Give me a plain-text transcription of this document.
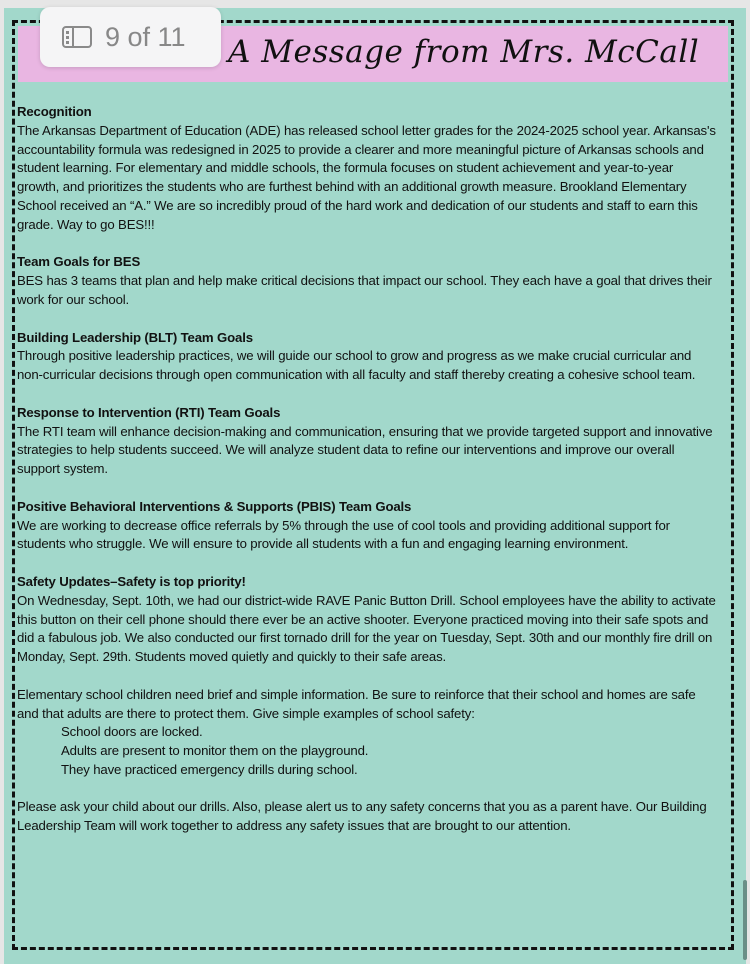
A Message from Mrs. McCall
Recognition
The Arkansas Department of Education (ADE) has released school letter grades for the 2024-2025 school year. Arkansas's accountability formula was redesigned in 2025 to provide a clearer and more meaningful picture of Arkansas schools and student learning. For elementary and middle schools, the formula focuses on student achievement and year-to-year growth, and prioritizes the students who are furthest behind with an additional growth measure. Brookland Elementary School received an “A.” We are so incredibly proud of the hard work and dedication of our students and staff to earn this grade. Way to go BES!!!
Team Goals for BES
BES has 3 teams that plan and help make critical decisions that impact our school. They each have a goal that drives their work for our school.
Building Leadership (BLT) Team Goals
Through positive leadership practices, we will guide our school to grow and progress as we make crucial curricular and non-curricular decisions through open communication with all faculty and staff thereby creating a cohesive school team.
Response to Intervention (RTI) Team Goals
The RTI team will enhance decision-making and communication, ensuring that we provide targeted support and innovative strategies to help students succeed. We will analyze student data to refine our interventions and improve our overall support system.
Positive Behavioral Interventions & Supports (PBIS) Team Goals
We are working to decrease office referrals by 5% through the use of cool tools and providing additional support for students who struggle. We will ensure to provide all students with a fun and engaging learning environment.
Safety Updates–Safety is top priority!
On Wednesday, Sept. 10th, we had our district-wide RAVE Panic Button Drill. School employees have the ability to activate this button on their cell phone should there ever be an active shooter. Everyone practiced moving into their safe spots and did a fabulous job. We also conducted our first tornado drill for the year on Tuesday, Sept. 30th and our monthly fire drill on Monday, Sept. 29th. Students moved quietly and quickly to their safe areas.
Elementary school children need brief and simple information. Be sure to reinforce that their school and homes are safe and that adults are there to protect them. Give simple examples of school safety:
School doors are locked.
Adults are present to monitor them on the playground.
They have practiced emergency drills during school.
Please ask your child about our drills. Also, please alert us to any safety concerns that you as a parent have. Our Building Leadership Team will work together to address any safety issues that are brought to our attention.
9 of 11
